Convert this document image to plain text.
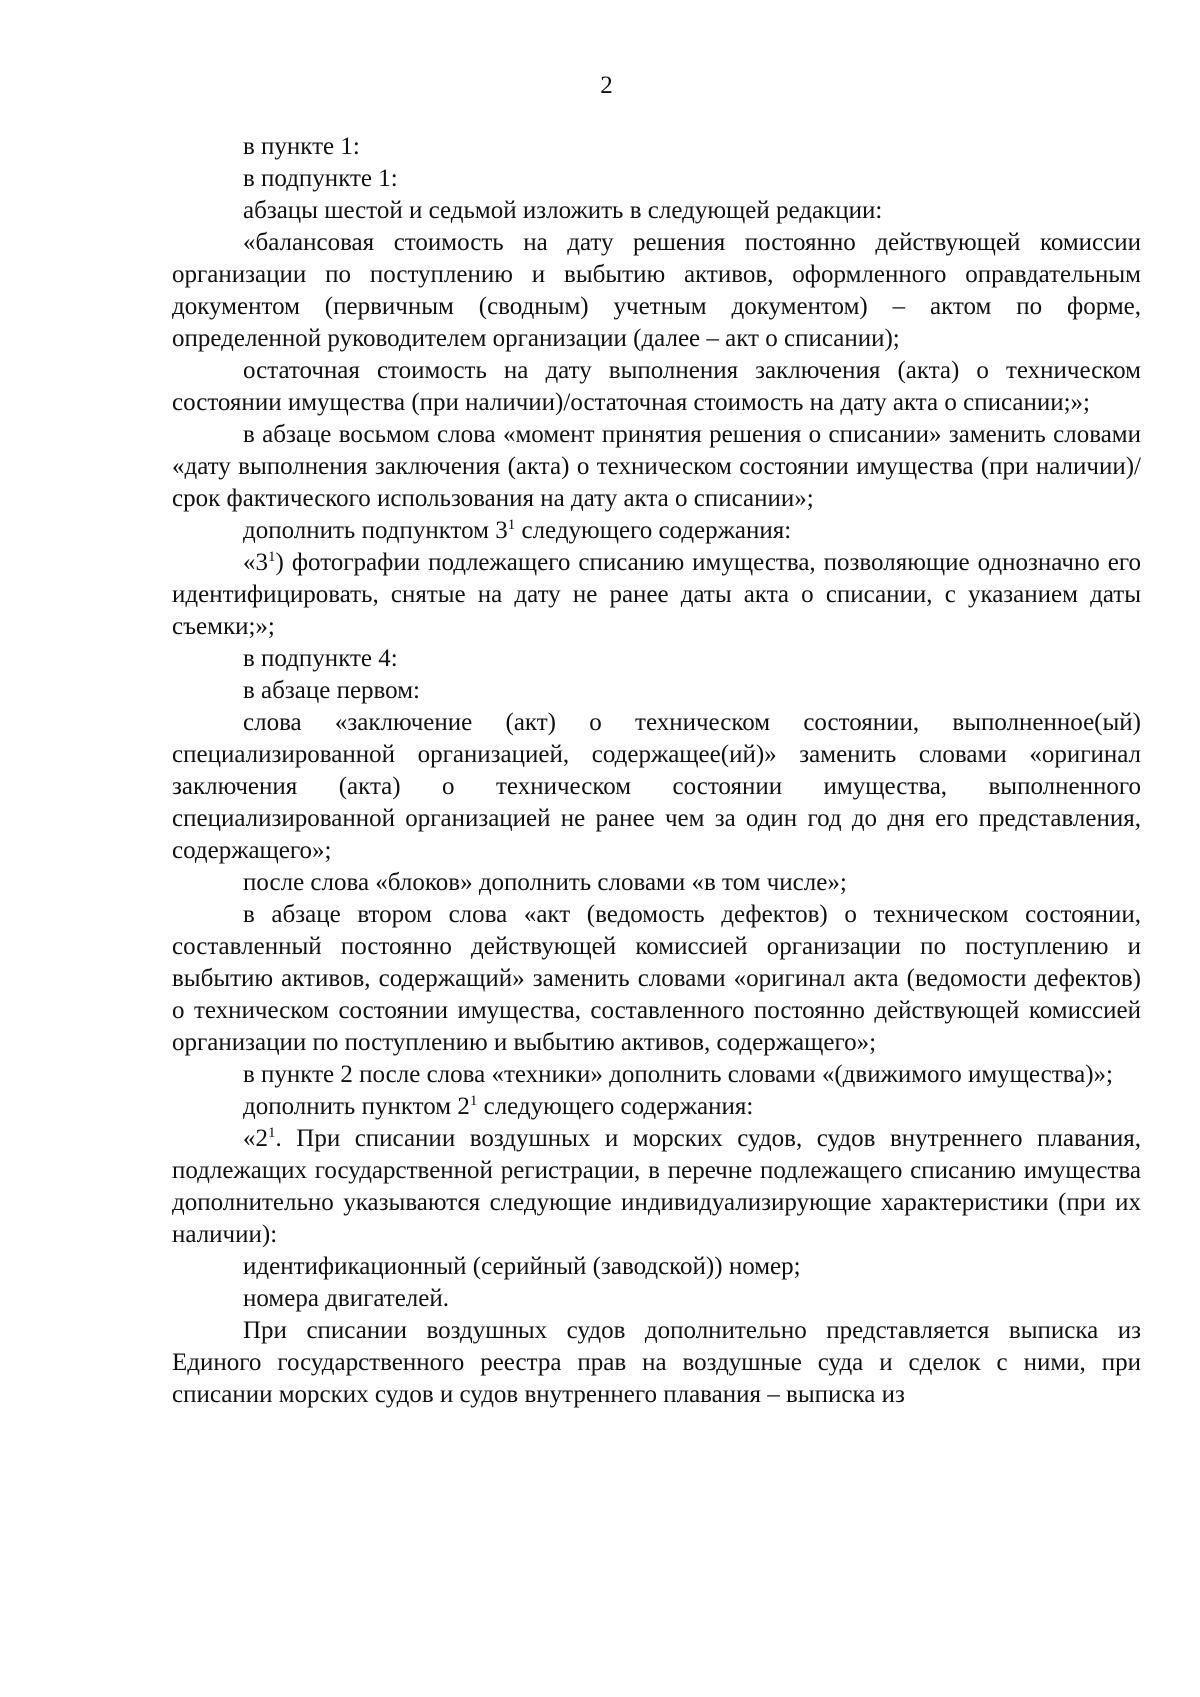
2

в пункте 1:

в подпункте 1:

абзацы шестой и седьмой изложить в следующей редакции:

«балансовая стоимость на дату решения постоянно действующей комиссии организации по поступлению и выбытию активов, оформленного оправдательным документом (первичным (сводным) учетным документом) – актом по форме, определенной руководителем организации (далее – акт о списании);

остаточная стоимость на дату выполнения заключения (акта) о техническом состоянии имущества (при наличии)/остаточная стоимость на дату акта о списании;»;

в абзаце восьмом слова «момент принятия решения о списании» заменить словами «дату выполнения заключения (акта) о техническом состоянии имущества (при наличии)/срок фактического использования на дату акта о списании»;

дополнить подпунктом $3^1$ следующего содержания:

«$3^1$) фотографии подлежащего списанию имущества, позволяющие однозначно его идентифицировать, снятые на дату не ранее даты акта о списании, с указанием даты съемки;»;

в подпункте 4:

в абзаце первом:

слова «заключение (акт) о техническом состоянии, выполненное(ый) специализированной организацией, содержащее(ий)» заменить словами «оригинал заключения (акта) о техническом состоянии имущества, выполненного специализированной организацией не ранее чем за один год до дня его представления, содержащего»;

после слова «блоков» дополнить словами «в том числе»;

в абзаце втором слова «акт (ведомость дефектов) о техническом состоянии, составленный постоянно действующей комиссией организации по поступлению и выбытию активов, содержащий» заменить словами «оригинал акта (ведомости дефектов) о техническом состоянии имущества, составленного постоянно действующей комиссией организации по поступлению и выбытию активов, содержащего»;

в пункте 2 после слова «техники» дополнить словами «(движимого имущества)»;

дополнить пунктом $2^1$ следующего содержания:

«$2^1$. При списании воздушных и морских судов, судов внутреннего плавания, подлежащих государственной регистрации, в перечне подлежащего списанию имущества дополнительно указываются следующие индивидуализирующие характеристики (при их наличии):

идентификационный (серийный (заводской)) номер;

номера двигателей.

При списании воздушных судов дополнительно представляется выписка из Единого государственного реестра прав на воздушные суда и сделок с ними, при списании морских судов и судов внутреннего плавания – выписка из
